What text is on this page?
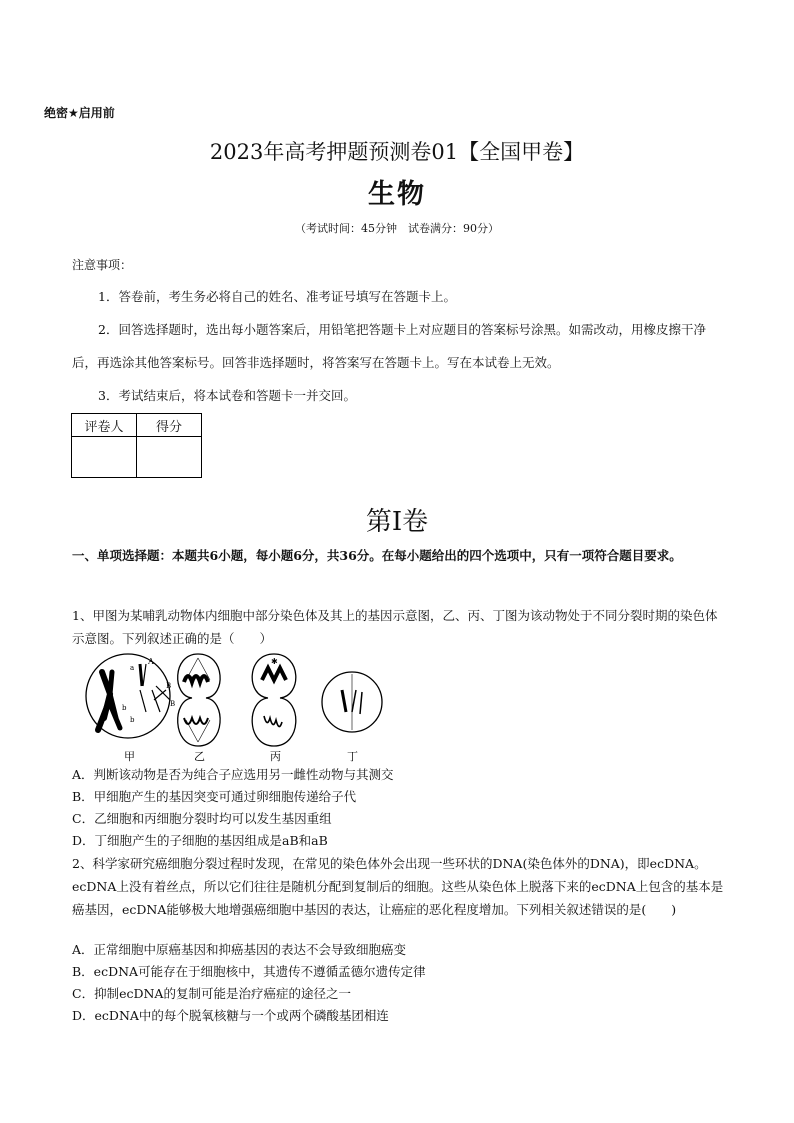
绝密★启用前
2023年高考押题预测卷01【全国甲卷】
生物
（考试时间：45分钟　试卷满分：90分）
注意事项：
1．答卷前，考生务必将自己的姓名、准考证号填写在答题卡上。
2．回答选择题时，选出每小题答案后，用铅笔把答题卡上对应题目的答案标号涂黑。如需改动，用橡皮擦干净后，再选涂其他答案标号。回答非选择题时，将答案写在答题卡上。写在本试卷上无效。
3．考试结束后，将本试卷和答题卡一并交回。
评卷人	得分

第Ⅰ卷
一、单项选择题：本题共6小题，每小题6分，共36分。在每小题给出的四个选项中，只有一项符合题目要求。
1、甲图为某哺乳动物体内细胞中部分染色体及其上的基因示意图，乙、丙、丁图为该动物处于不同分裂时期的染色体示意图。下列叙述正确的是（　　）
A
a
B
b
b
B
✱
甲	乙	丙	丁
A．判断该动物是否为纯合子应选用另一雌性动物与其测交
B．甲细胞产生的基因突变可通过卵细胞传递给子代
C．乙细胞和丙细胞分裂时均可以发生基因重组
D．丁细胞产生的子细胞的基因组成是aB和aB
2、科学家研究癌细胞分裂过程时发现，在常见的染色体外会出现一些环状的DNA(染色体外的DNA)，即ecDNA。ecDNA上没有着丝点，所以它们往往是随机分配到复制后的细胞。这些从染色体上脱落下来的ecDNA上包含的基本是癌基因，ecDNA能够极大地增强癌细胞中基因的表达，让癌症的恶化程度增加。下列相关叙述错误的是(　　)
A．正常细胞中原癌基因和抑癌基因的表达不会导致细胞癌变
B．ecDNA可能存在于细胞核中，其遗传不遵循孟德尔遗传定律
C．抑制ecDNA的复制可能是治疗癌症的途径之一
D．ecDNA中的每个脱氧核糖与一个或两个磷酸基团相连
